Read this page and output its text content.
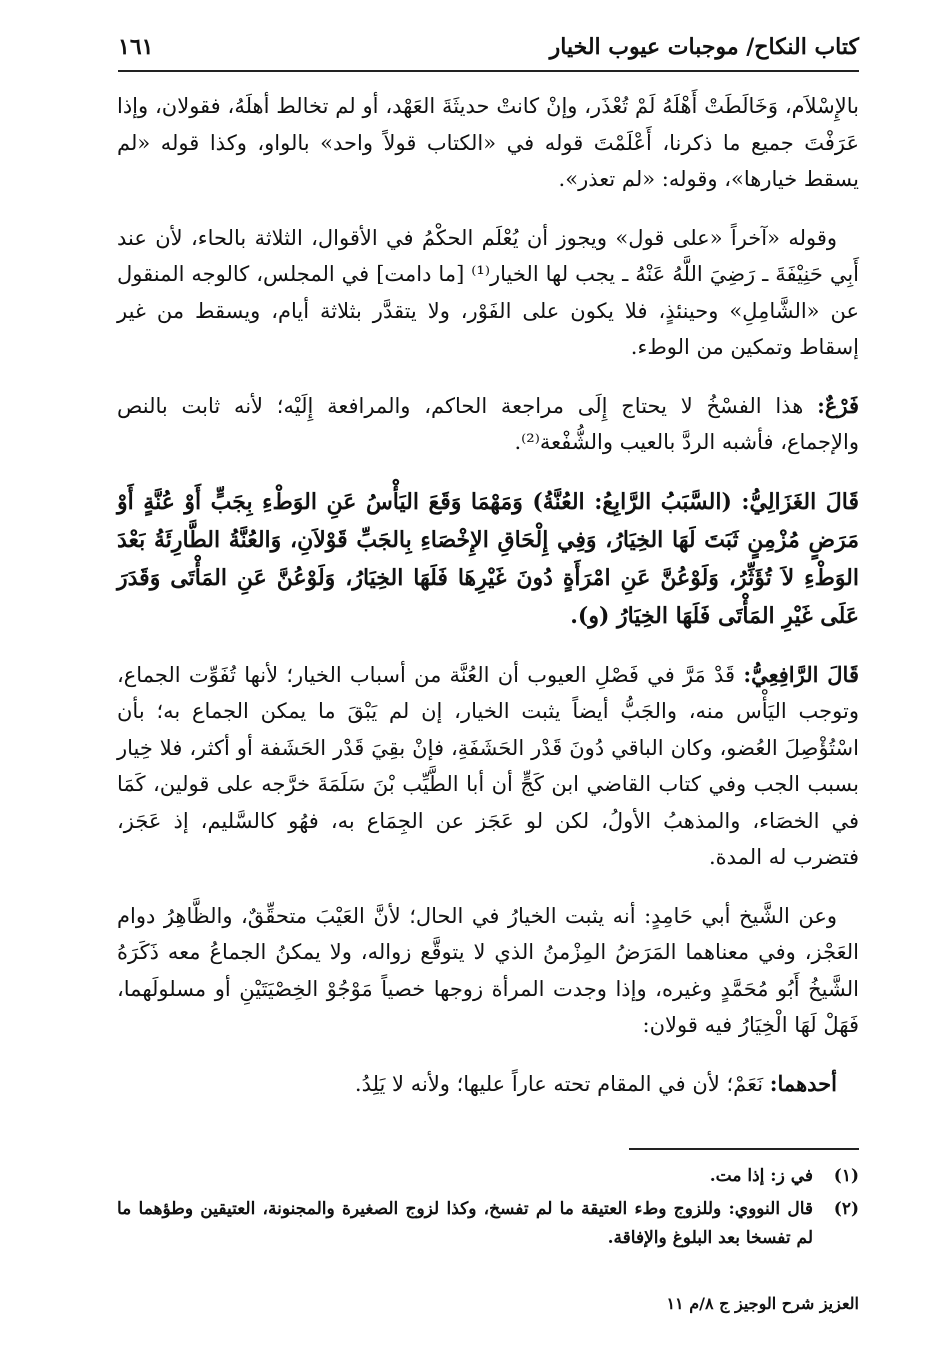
كتاب النكاح/ موجبات عيوب الخيار
١٦١

بالإِسْلاَم، وَخَالَطَتْ أَهْلَهُ لَمْ تُعْذَر، وإنْ كانتْ حديثَةَ العَهْد، أو لم تخالط أهلَهُ، فقولان، وإذا عَرَفْتَ جميع ما ذكرنا، أَعْلَمْتَ قوله في «الكتاب قولاً واحد» بالواو، وكذا قوله «لم يسقط خيارها»، وقوله: «لم تعذر».

وقوله «آخراً «على قول» ويجوز أن يُعْلَم الحكْمُ في الأقوال، الثلاثة بالحاء، لأن عند أَبِي حَنِيْفَةَ ـ رَضِيَ اللَّهُ عَنْهُ ـ يجب لها الخيار⁽¹⁾ [ما دامت] في المجلس، كالوجه المنقول عن «الشَّامِلِ» وحينئذٍ، فلا يكون على الفَوْر، ولا يتقدَّر بثلاثة أيام، ويسقط من غير إسقاط وتمكين من الوطء.

فَرْعٌ: هذا الفسْخُ لا يحتاج إِلَى مراجعة الحاكم، والمرافعة إِلَيْه؛ لأنه ثابت بالنص والإجماع، فأشبه الردَّ بالعيب والشُّفْعة⁽²⁾.

قَالَ الغَزَالِيُّ: (السَّبَبُ الرَّابِعُ: العُنَّةُ) وَمَهْمَا وَقَعَ اليَأْسُ عَنِ الوَطْءِ بِجَبٍّ أَوْ عُنَّةٍ أَوْ مَرَضٍ مُزْمِنٍ ثَبَتَ لَهَا الخِيَارُ، وَفِي إِلْحَاقِ الإِخْصَاءِ بِالجَبِّ قَوْلاَنِ، وَالعُنَّةُ الطَّارِئَةُ بَعْدَ الوَطْءِ لاَ تُؤَثِّرُ، وَلَوْعُنَّ عَنِ امْرَأَةٍ دُونَ غَيْرِهَا فَلَهَا الخِيَارُ، وَلَوْعُنَّ عَنِ المَأْتَى وَقَدَرَ عَلَى غَيْرِ المَأْتَى فَلَهَا الخِيَارُ (و).

قَالَ الرَّافِعِيُّ: قَدْ مَرَّ في فَصْلِ العيوب أن العُنَّة من أسباب الخيار؛ لأنها تُفَوِّت الجماع، وتوجب اليَأْس منه، والجَبُّ أيضاً يثبت الخيار، إن لم يَبْقَ ما يمكن الجماع به؛ بأن اسْتُؤْصِلَ العُضو، وكان الباقي دُونَ قَدْر الحَشَفَةِ، فإنْ بقِيَ قَدْر الحَشَفة أو أكثر، فلا خِيار بسبب الجب وفي كتاب القاضي ابن كَجٍّ أن أبا الطَّيِّب بْنَ سَلَمَةَ خرَّجه على قولين، كَمَا في الخصَاء، والمذهبُ الأولُ، لكن لو عَجَز عن الجِمَاع به، فهُو كالسَّليم، إذ عَجَز، فتضرب له المدة.

وعن الشَّيخ أبي حَامِدٍ: أنه يثبت الخيارُ في الحال؛ لأنَّ العَيْبَ متحقِّقٌ، والظَّاهِرُ دوام العَجْز، وفي معناهما المَرَضُ المِزْمنُ الذي لا يتوقَّع زواله، ولا يمكنُ الجماعُ معه ذَكَرَهُ الشَّيخُ أَبُو مُحَمَّدٍ وغيره، وإذا وجدت المرأة زوجها خصياً مَوْجُوْ الخِصْيَتَيْنِ أو مسلولَهما، فَهَلْ لَهَا الْخِيَارُ فيه قولان:

أحدهما: نَعَمْ؛ لأن في المقام تحته عاراً عليها؛ ولأنه لا يَلِدُ.

(١)
في ز: إذا مت.
(٢)
قال النووي: وللزوج وطء العتيقة ما لم تفسخ، وكذا لزوج الصغيرة والمجنونة، العتيقين وطؤهما ما لم تفسخا بعد البلوغ والإفاقة.
العزيز شرح الوجيز ج ٨/م ١١
